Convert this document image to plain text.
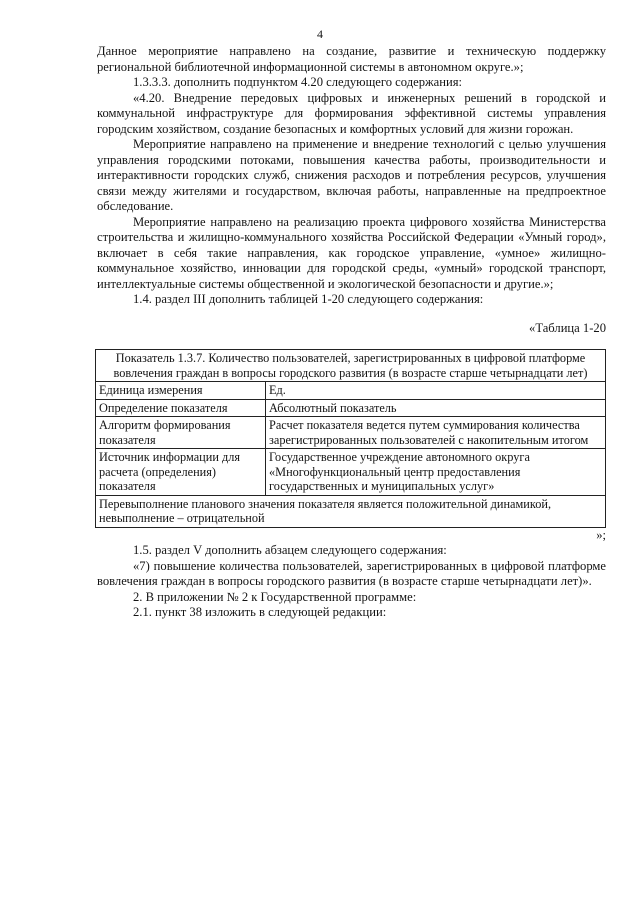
4

Данное мероприятие направлено на создание, развитие и техническую поддержку региональной библиотечной информационной системы в автономном округе.»;

1.3.3.3. дополнить подпунктом 4.20 следующего содержания:

«4.20. Внедрение передовых цифровых и инженерных решений в городской и коммунальной инфраструктуре для формирования эффективной системы управления городским хозяйством, создание безопасных и комфортных условий для жизни горожан.

Мероприятие направлено на применение и внедрение технологий с целью улучшения управления городскими потоками, повышения качества работы, производительности и интерактивности городских служб, снижения расходов и потребления ресурсов, улучшения связи между жителями и государством, включая работы, направленные на предпроектное обследование.

Мероприятие направлено на реализацию проекта цифрового хозяйства Министерства строительства и жилищно-коммунального хозяйства Российской Федерации «Умный город», включает в себя такие направления, как городское управление, «умное» жилищно-коммунальное хозяйство, инновации для городской среды, «умный» городской транспорт, интеллектуальные системы общественной и экологической безопасности и другие.»;

1.4. раздел III дополнить таблицей 1-20 следующего содержания:

«Таблица 1-20

Показатель 1.3.7. Количество пользователей, зарегистрированных в цифровой платформе вовлечения граждан в вопросы городского развития (в возрасте старше четырнадцати лет)	
Единица измерения	Ед.
Определение показателя	Абсолютный показатель
Алгоритм формирования показателя	Расчет показателя ведется путем суммирования количества зарегистрированных пользователей с накопительным итогом
Источник информации для расчета (определения) показателя	Государственное учреждение автономного округа «Многофункциональный центр предоставления государственных и муниципальных услуг»
Перевыполнение планового значения показателя является положительной динамикой, невыполнение – отрицательной	

»;

1.5. раздел V дополнить абзацем следующего содержания:

«7) повышение количества пользователей, зарегистрированных в цифровой платформе вовлечения граждан в вопросы городского развития (в возрасте старше четырнадцати лет)».

2. В приложении № 2 к Государственной программе:

2.1. пункт 38 изложить в следующей редакции:
